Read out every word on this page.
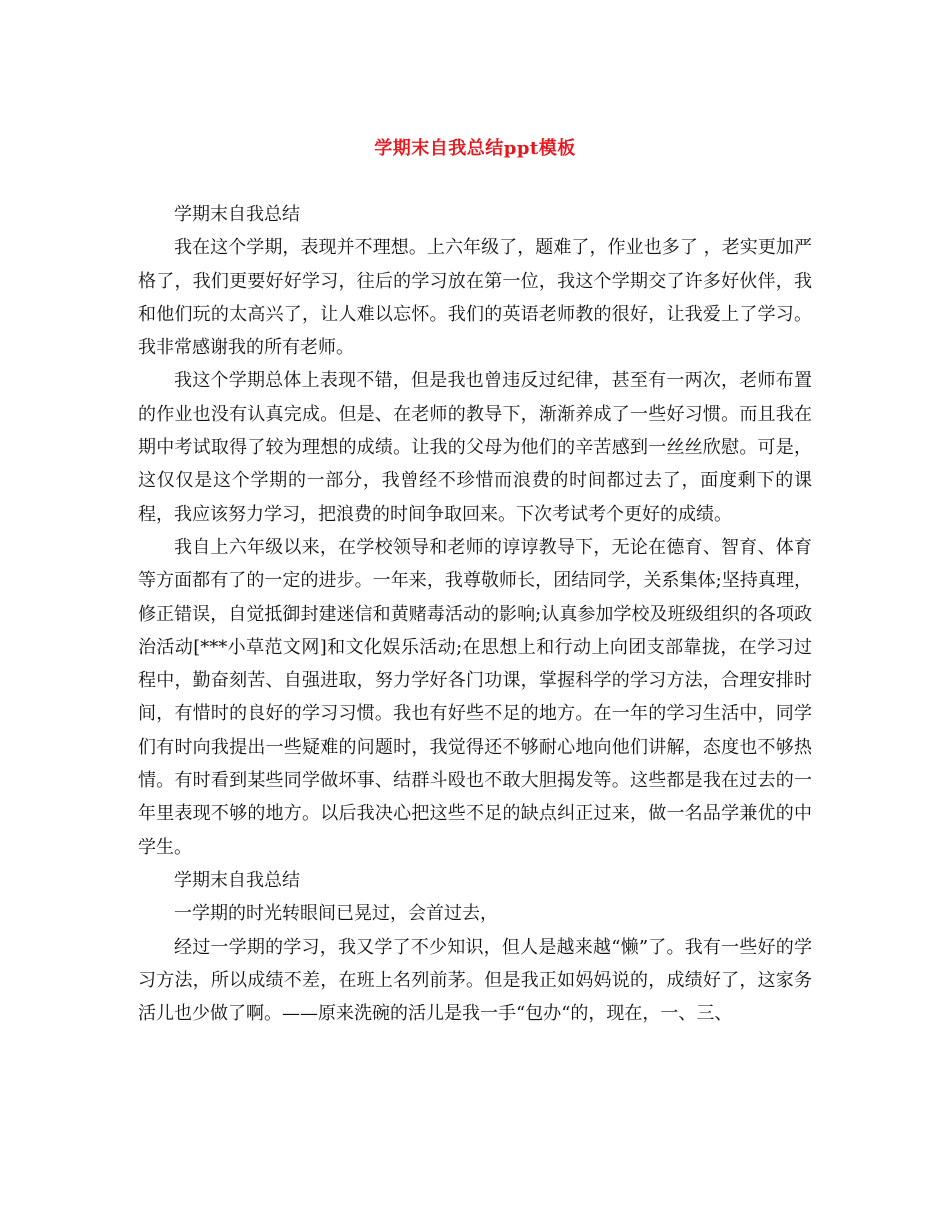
学期末自我总结ppt模板

学期末自我总结

我在这个学期，表现并不理想。上六年级了，题难了，作业也多了 ，老实更加严格了，我们更要好好学习，往后的学习放在第一位，我这个学期交了许多好伙伴，我和他们玩的太高兴了，让人难以忘怀。我们的英语老师教的很好，让我爱上了学习。我非常感谢我的所有老师。

我这个学期总体上表现不错，但是我也曾违反过纪律，甚至有一两次，老师布置的作业也没有认真完成。但是、在老师的教导下，渐渐养成了一些好习惯。而且我在期中考试取得了较为理想的成绩。让我的父母为他们的辛苦感到一丝丝欣慰。可是，这仅仅是这个学期的一部分，我曾经不珍惜而浪费的时间都过去了，面度剩下的课程，我应该努力学习，把浪费的时间争取回来。下次考试考个更好的成绩。

我自上六年级以来，在学校领导和老师的谆谆教导下，无论在德育、智育、体育等方面都有了的一定的进步。一年来，我尊敬师长，团结同学，关系集体;坚持真理，修正错误，自觉抵御封建迷信和黄赌毒活动的影响;认真参加学校及班级组织的各项政治活动[***小草范文网]和文化娱乐活动;在思想上和行动上向团支部靠拢，在学习过程中，勤奋刻苦、自强进取，努力学好各门功课，掌握科学的学习方法，合理安排时间，有惜时的良好的学习习惯。我也有好些不足的地方。在一年的学习生活中，同学们有时向我提出一些疑难的问题时，我觉得还不够耐心地向他们讲解，态度也不够热情。有时看到某些同学做坏事、结群斗殴也不敢大胆揭发等。这些都是我在过去的一年里表现不够的地方。以后我决心把这些不足的缺点纠正过来，做一名品学兼优的中学生。

学期末自我总结

一学期的时光转眼间已晃过，会首过去，

经过一学期的学习，我又学了不少知识，但人是越来越“懒”了。我有一些好的学习方法，所以成绩不差，在班上名列前茅。但是我正如妈妈说的，成绩好了，这家务活儿也少做了啊。——原来洗碗的活儿是我一手“包办“的，现在，一、三、
